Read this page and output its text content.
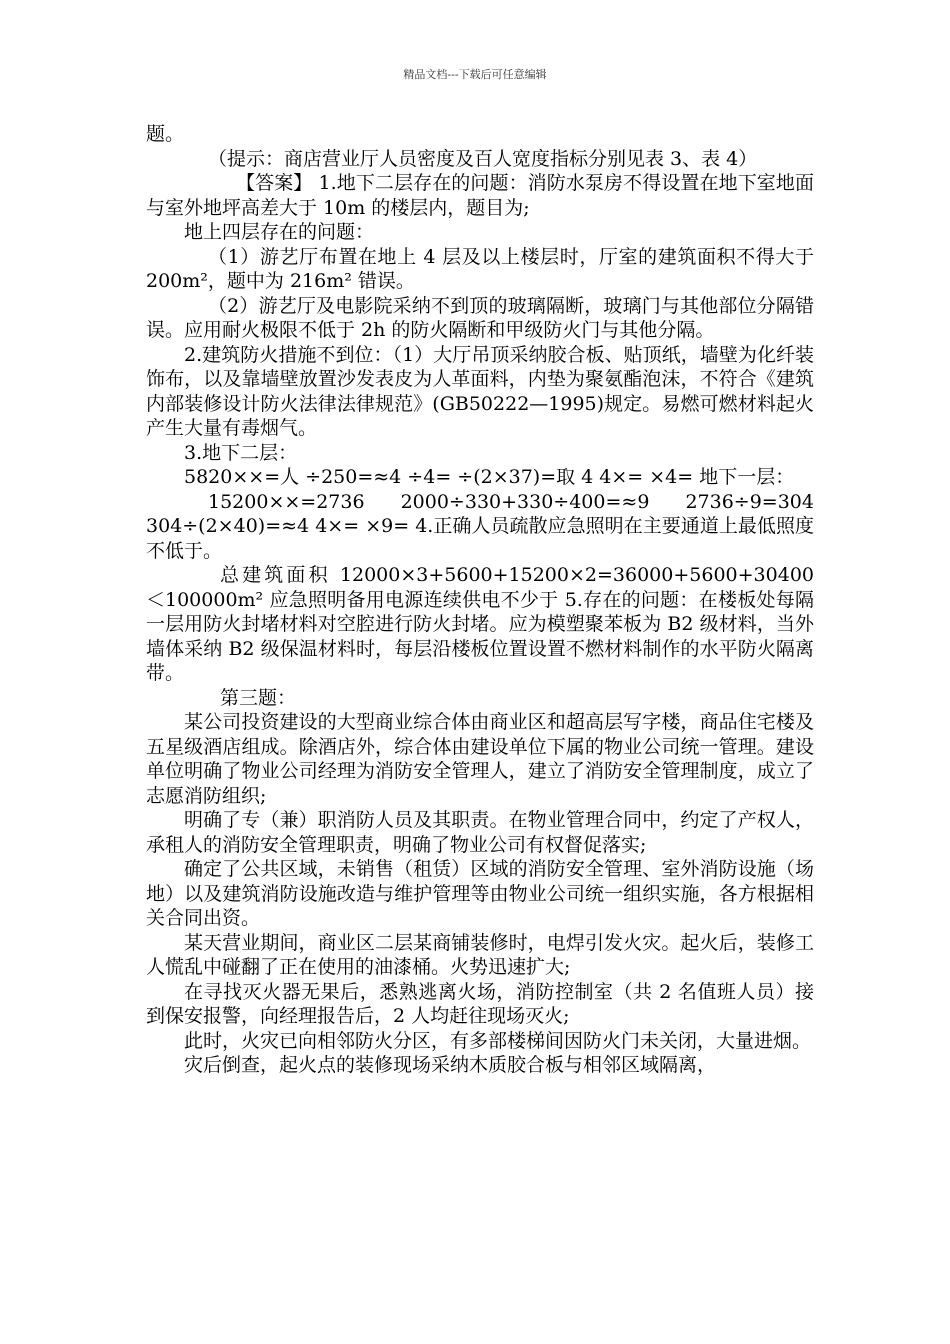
精品文档---下载后可任意编辑

题。

（提示：商店营业厅人员密度及百人宽度指标分别见表 3、表 4）

【答案】 1.地下二层存在的问题：消防水泵房不得设置在地下室地面与室外地坪高差大于 10m 的楼层内，题目为;

地上四层存在的问题：

（1）游艺厅布置在地上 4 层及以上楼层时，厅室的建筑面积不得大于 200m²，题中为 216m² 错误。

（2）游艺厅及电影院采纳不到顶的玻璃隔断，玻璃门与其他部位分隔错误。应用耐火极限不低于 2h 的防火隔断和甲级防火门与其他分隔。

2.建筑防火措施不到位：（1）大厅吊顶采纳胶合板、贴顶纸，墙壁为化纤装饰布，以及靠墙壁放置沙发表皮为人革面料，内垫为聚氨酯泡沫，不符合《建筑内部装修设计防火法律法律规范》(GB50222—1995)规定。易燃可燃材料起火产生大量有毒烟气。

3.地下二层：

5820××=人 ÷250=≈4 ÷4= ÷(2×37)=取 4 4×= ×4= 地下一层：

15200××=2736 2000÷330+330÷400=≈9 2736÷9=304 304÷(2×40)=≈4 4×= ×9= 4.正确人员疏散应急照明在主要通道上最低照度不低于。

总建筑面积 12000×3+5600+15200×2=36000+5600+30400＜100000m² 应急照明备用电源连续供电不少于 5.存在的问题：在楼板处每隔一层用防火封堵材料对空腔进行防火封堵。应为模塑聚苯板为 B2 级材料，当外墙体采纳 B2 级保温材料时，每层沿楼板位置设置不燃材料制作的水平防火隔离带。

第三题：

某公司投资建设的大型商业综合体由商业区和超高层写字楼，商品住宅楼及五星级酒店组成。除酒店外，综合体由建设单位下属的物业公司统一管理。建设单位明确了物业公司经理为消防安全管理人，建立了消防安全管理制度，成立了志愿消防组织;

明确了专（兼）职消防人员及其职责。在物业管理合同中，约定了产权人，承租人的消防安全管理职责，明确了物业公司有权督促落实;

确定了公共区域，未销售（租赁）区域的消防安全管理、室外消防设施（场地）以及建筑消防设施改造与维护管理等由物业公司统一组织实施，各方根据相关合同出资。

某天营业期间，商业区二层某商铺装修时，电焊引发火灾。起火后，装修工人慌乱中碰翻了正在使用的油漆桶。火势迅速扩大;

在寻找灭火器无果后，悉熟逃离火场，消防控制室（共 2 名值班人员）接到保安报警，向经理报告后，2 人均赶往现场灭火;

此时，火灾已向相邻防火分区，有多部楼梯间因防火门未关闭，大量进烟。

灾后倒查，起火点的装修现场采纳木质胶合板与相邻区域隔离，
